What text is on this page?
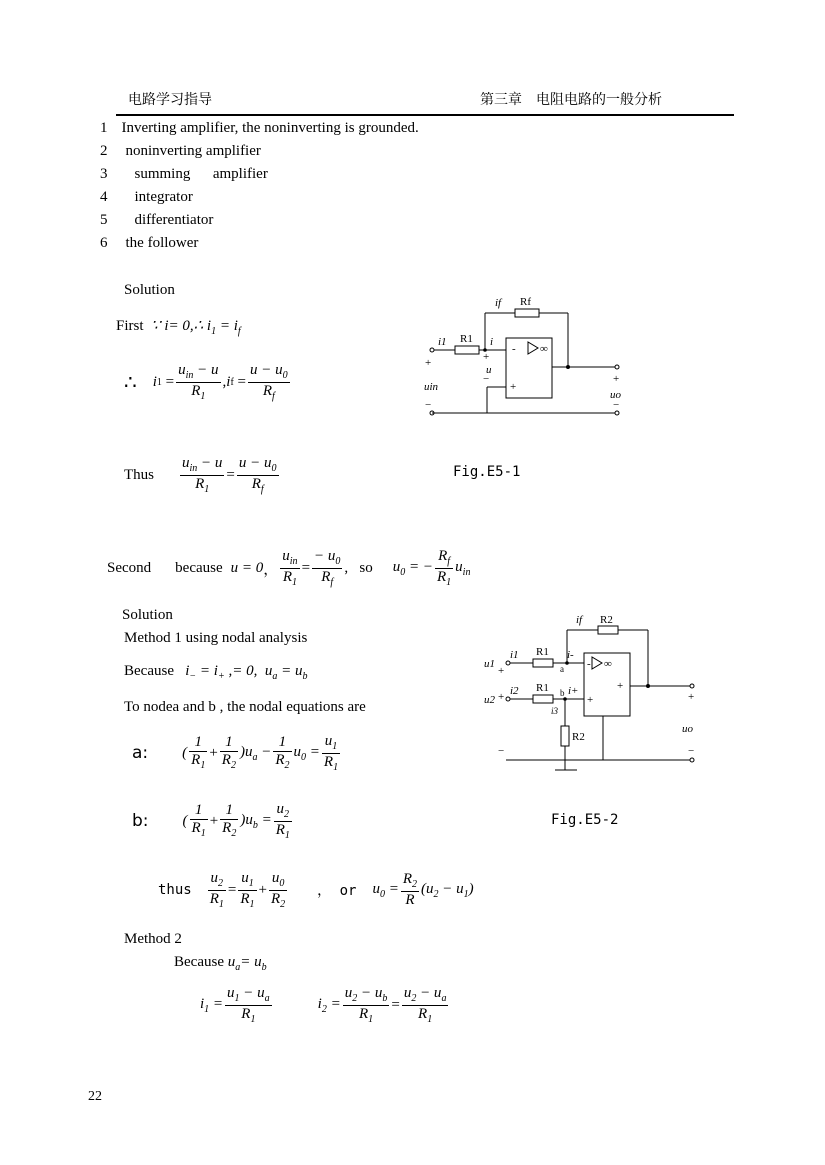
电路学习指导	第三章　电阻电路的一般分析
1 Inverting amplifier, the noninverting is grounded.
2 noninverting amplifier
3 summing      amplifier
4 integrator
5 differentiator
6 the follower
Solution
First ∵ i= 0,∴ $i_1 = i_f$
∴ i $1 = \frac{u_{in} - u}{R_1}$ , i $f = \frac{u - u_0}{R_f}$
Thus $\frac{u_{in} - u}{R_1} = \frac{u - u_0}{R_f}$	Fig.E5-1
if Rf
i1 R1 i
u
uin
uo
-
+
∞
+
−
+
−	+
−
Second because u = 0 ， $\frac{u_{in}}{R_1} = \frac{- u_0}{R_f}$ , so $u_0$ = − $\frac{R_f}{R_1} u_{in}$
Solution
Method 1 using nodal analysis
Because $i_- = i_+$ ,= 0,  $u_a = u_b$
To nodea and b , the nodal equations are
a: ( $\frac{1}{R_1} + \frac{1}{R_2} )u_a - \frac{1}{R_2} u_0 = \frac{u_1}{R_1}$
b: ( $\frac{1}{R_1} + \frac{1}{R_2} )u_b = \frac{u_2}{R_1}$	Fig.E5-2
thus $\frac{u_2}{R_1} = \frac{u_1}{R_1} + \frac{u_0}{R_2}$ ， or $u_0 = \frac{R_2}{R} (u_2 - u_1)$
Method 2
Because $u_a= u_b$
$i_1 = \frac{u_1 - u_a}{R_1}$	$i_2 = \frac{u_2 - u_b}{R_1} = \frac{u_2 - u_a}{R_1}$
if R2
u1
i1 R1 i-
a
u2
i2 R1 b i+
i3
R2
uo
-
+
∞
+
+
+
−
+
−
22
